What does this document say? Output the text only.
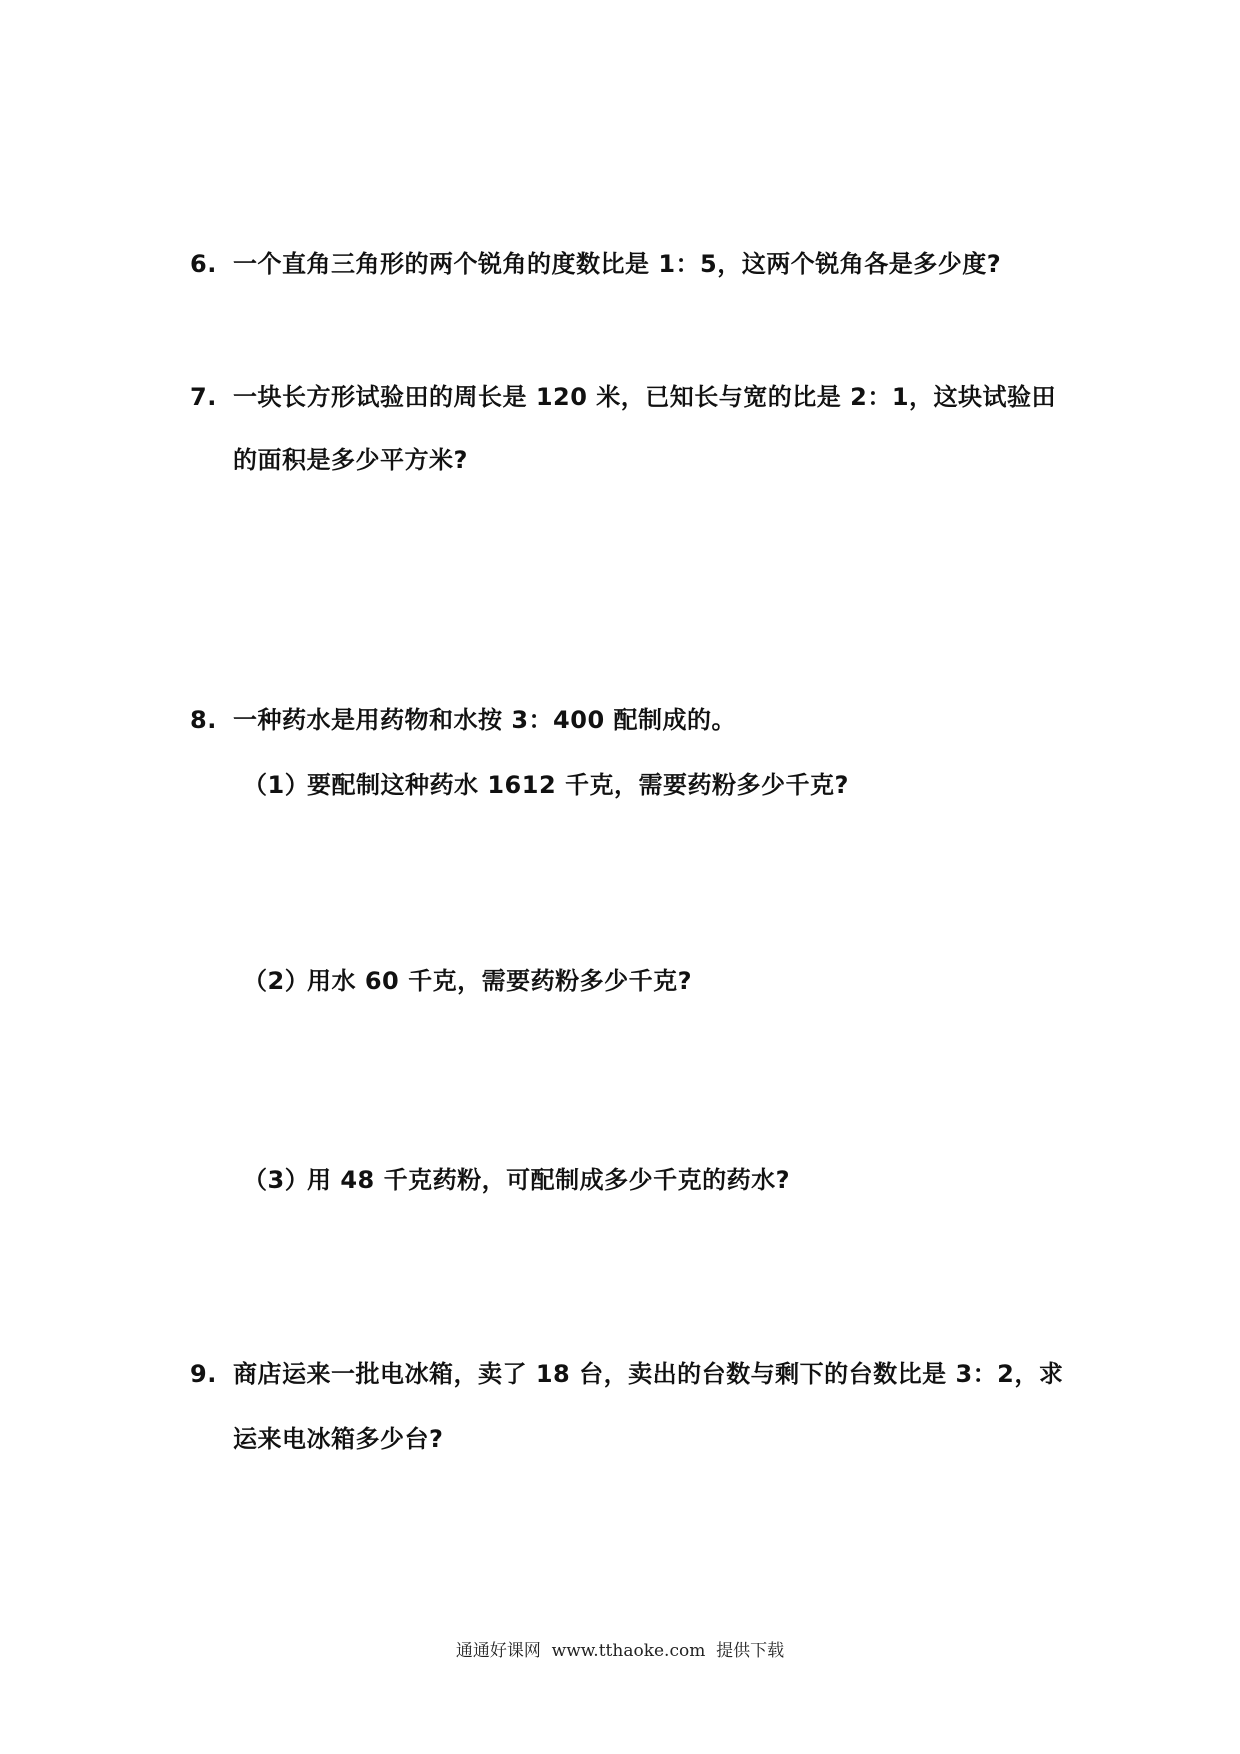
6. 一个直角三角形的两个锐角的度数比是 1：5，这两个锐角各是多少度?
7. 一块长方形试验田的周长是 120 米，已知长与宽的比是 2：1，这块试验田
的面积是多少平方米?
8. 一种药水是用药物和水按 3：400 配制成的。
（1）
要配制这种药水 1612 千克，需要药粉多少千克?
（2）
用水 60 千克，需要药粉多少千克?
（3）
用 48 千克药粉，可配制成多少千克的药水?
9. 商店运来一批电冰箱，卖了 18 台，卖出的台数与剩下的台数比是 3：2，求
运来电冰箱多少台?
通通好课网  www.tthaoke.com  提供下载
